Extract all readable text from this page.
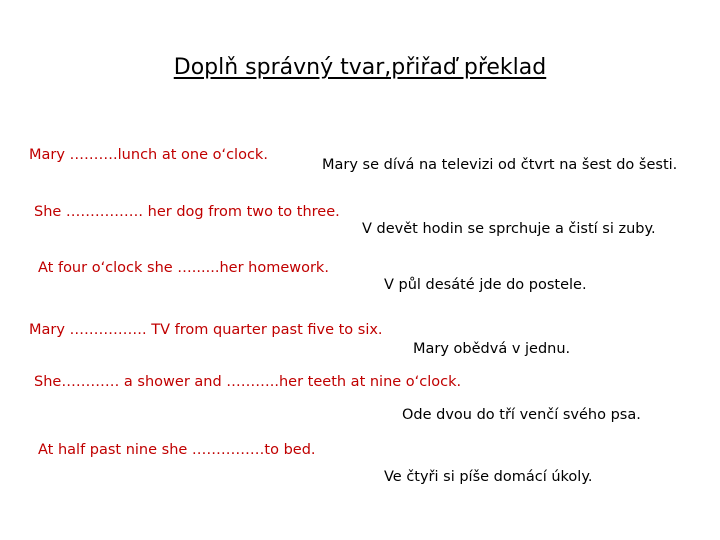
Doplň správný tvar,přiřaď překlad
Mary ……….lunch at one o‘clock.
Mary se dívá na televizi od čtvrt na šest do šesti.
She ……………. her dog from two to three.
V devět hodin se sprchuje a čistí si zuby.
At four o‘clock she …......her homework.
V půl desáté jde do postele.
Mary ……………. TV from quarter past five to six.
Mary obědvá v jednu.
She………… a shower and ………..her teeth at nine o‘clock.
Ode dvou do tří venčí svého psa.
At half past nine she ……………to bed.
Ve čtyři si píše domácí úkoly.
